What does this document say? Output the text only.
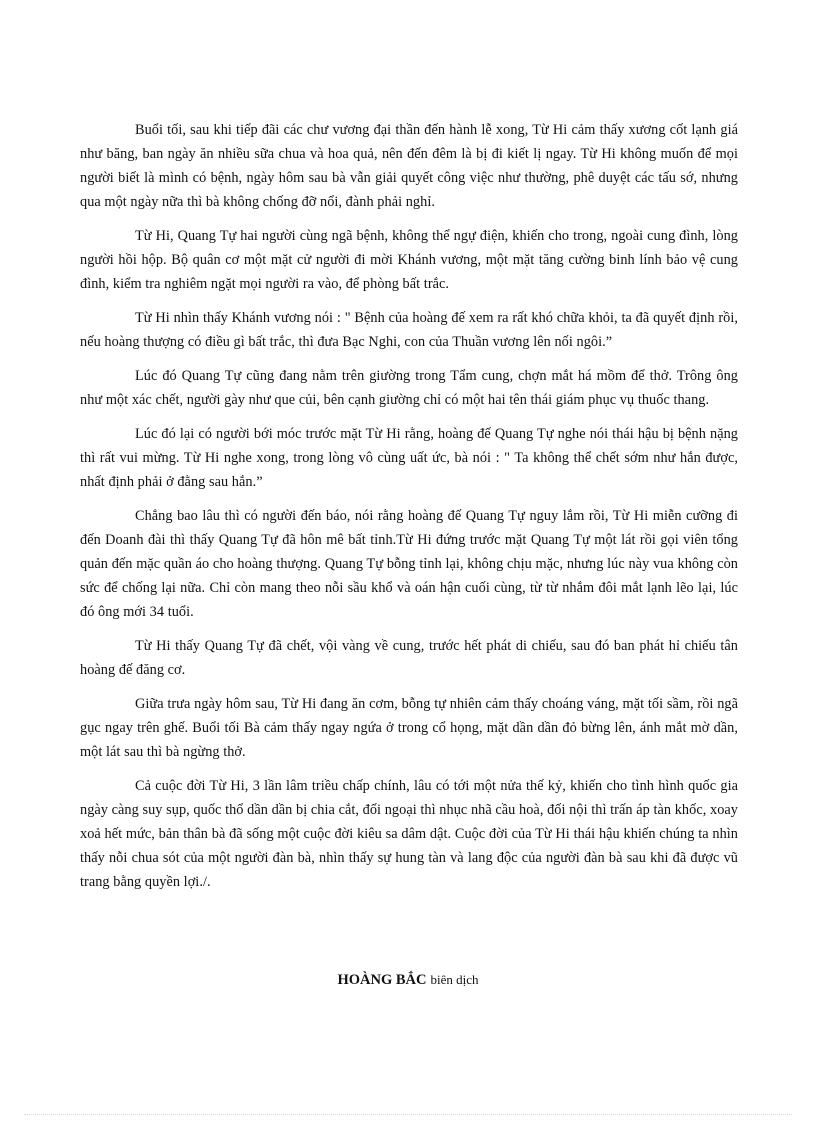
Buổi tối, sau khi tiếp đãi các chư vương đại thần đến hành lễ xong, Từ Hi cảm thấy xương cốt lạnh giá như băng, ban ngày ăn nhiều sữa chua và hoa quả, nên đến đêm là bị đi kiết lị ngay. Từ Hi không muốn để mọi người biết là mình có bệnh, ngày hôm sau bà vẫn giải quyết công việc như thường, phê duyệt các tấu sớ, nhưng qua một ngày nữa thì bà không chống đỡ nổi, đành phải nghỉ.

Từ Hi, Quang Tự hai người cùng ngã bệnh, không thể ngự điện, khiến cho trong, ngoài cung đình, lòng người hồi hộp. Bộ quân cơ một mặt cử người đi mời Khánh vương, một mặt tăng cường binh lính bảo vệ cung đình, kiểm tra nghiêm ngặt mọi người ra vào, để phòng bất trắc.

Từ Hi nhìn thấy Khánh vương nói : " Bệnh của hoàng đế xem ra rất khó chữa khỏi, ta đã quyết định rồi, nếu hoàng thượng có điều gì bất trắc, thì đưa Bạc Nghi, con của Thuần vương lên nối ngôi.”

Lúc đó Quang Tự cũng đang nằm trên giường trong Tẩm cung, chợn mắt há mồm để thở. Trông ông như một xác chết, người gày như que củi, bên cạnh giường chỉ có một hai tên thái giám phục vụ thuốc thang.

Lúc đó lại có người bới móc trước mặt Từ Hi rằng, hoàng đế Quang Tự nghe nói thái hậu bị bệnh nặng thì rất vui mừng. Từ Hi nghe xong, trong lòng vô cùng uất ức, bà nói : " Ta không thể chết sớm như hắn được, nhất định phải ở đằng sau hắn.”

Chẳng bao lâu thì có người đến báo, nói rằng hoàng đế Quang Tự nguy lắm rồi, Từ Hi miễn cưỡng đi đến Doanh đài thì thấy Quang Tự đã hôn mê bất tỉnh.Từ Hi đứng trước mặt Quang Tự một lát rồi gọi viên tổng quản đến mặc quần áo cho hoàng thượng. Quang Tự bỗng tỉnh lại, không chịu mặc, nhưng lúc này vua không còn sức để chống lại nữa. Chỉ còn mang theo nỗi sầu khổ và oán hận cuối cùng, từ từ nhắm đôi mắt lạnh lẽo lại, lúc đó ông mới 34 tuổi.

Từ Hi thấy Quang Tự đã chết, vội vàng về cung, trước hết phát di chiếu, sau đó ban phát hỉ chiếu tân hoàng đế đăng cơ.

Giữa trưa ngày hôm sau, Từ Hi đang ăn cơm, bỗng tự nhiên cảm thấy choáng váng, mặt tối sầm, rồi ngã gục ngay trên ghế. Buổi tối Bà cảm thấy ngay ngứa ở trong cổ họng, mặt dần dần đỏ bừng lên, ánh mắt mờ dần, một lát sau thì bà ngừng thở.

Cả cuộc đời Từ Hi, 3 lần lâm triều chấp chính, lâu có tới một nửa thế kỷ, khiến cho tình hình quốc gia ngày càng suy sụp, quốc thổ dần dần bị chia cắt, đối ngoại thì nhục nhã cầu hoà, đối nội thì trấn áp tàn khốc, xoay xoả hết mức, bản thân bà đã sống một cuộc đời kiêu sa dâm dật. Cuộc đời của Từ Hi thái hậu khiến chúng ta nhìn thấy nỗi chua sót của một người đàn bà, nhìn thấy sự hung tàn và lang độc của người đàn bà sau khi đã được vũ trang bằng quyền lợi./.

HOÀNG BẮC biên dịch
